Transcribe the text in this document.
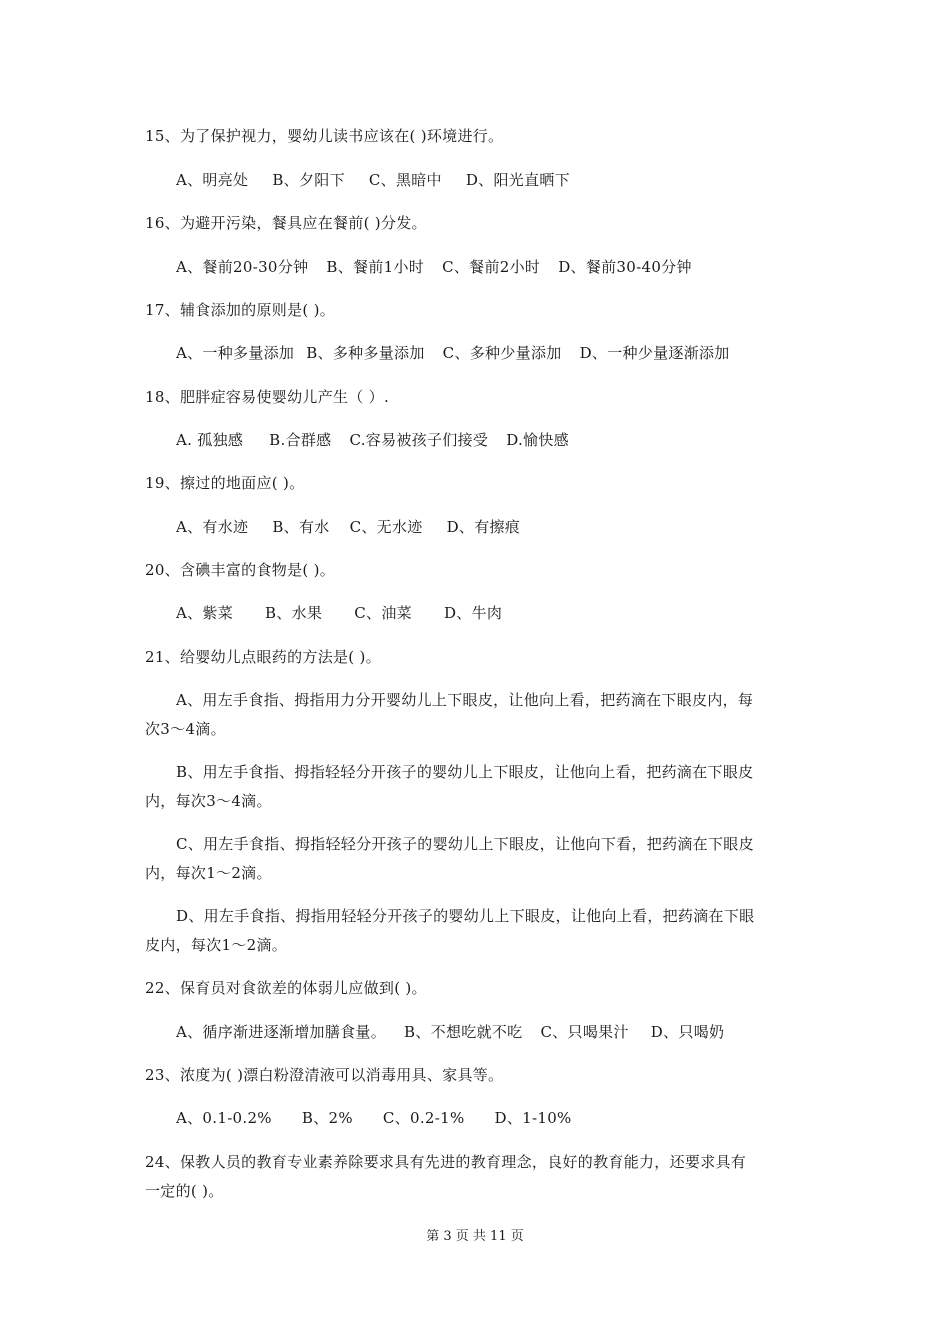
15、为了保护视力，婴幼儿读书应该在( )环境进行。
A、明亮处 B、夕阳下 C、黑暗中 D、阳光直晒下
16、为避开污染，餐具应在餐前( )分发。
A、餐前20-30分钟 B、餐前1小时 C、餐前2小时 D、餐前30-40分钟
17、辅食添加的原则是( )。
A、一种多量添加 B、多种多量添加 C、多种少量添加 D、一种少量逐渐添加
18、肥胖症容易使婴幼儿产生（ ）.
A. 孤独感 B.合群感 C.容易被孩子们接受 D.愉快感
19、擦过的地面应( )。
A、有水迹 B、有水 C、无水迹 D、有擦痕
20、含碘丰富的食物是( )。
A、紫菜 B、水果 C、油菜 D、牛肉
21、给婴幼儿点眼药的方法是( )。
A、用左手食指、拇指用力分开婴幼儿上下眼皮，让他向上看，把药滴在下眼皮内，每
次3～4滴。
B、用左手食指、拇指轻轻分开孩子的婴幼儿上下眼皮，让他向上看，把药滴在下眼皮
内，每次3～4滴。
C、用左手食指、拇指轻轻分开孩子的婴幼儿上下眼皮，让他向下看，把药滴在下眼皮
内，每次1～2滴。
D、用左手食指、拇指用轻轻分开孩子的婴幼儿上下眼皮，让他向上看，把药滴在下眼
皮内，每次1～2滴。
22、保育员对食欲差的体弱儿应做到( )。
A、循序渐进逐渐增加膳食量。 B、不想吃就不吃 C、只喝果汁 D、只喝奶
23、浓度为( )漂白粉澄清液可以消毒用具、家具等。
A、0.1-0.2% B、2% C、0.2-1% D、1-10%
24、保教人员的教育专业素养除要求具有先进的教育理念，良好的教育能力，还要求具有
一定的( )。
第 3 页 共 11 页
